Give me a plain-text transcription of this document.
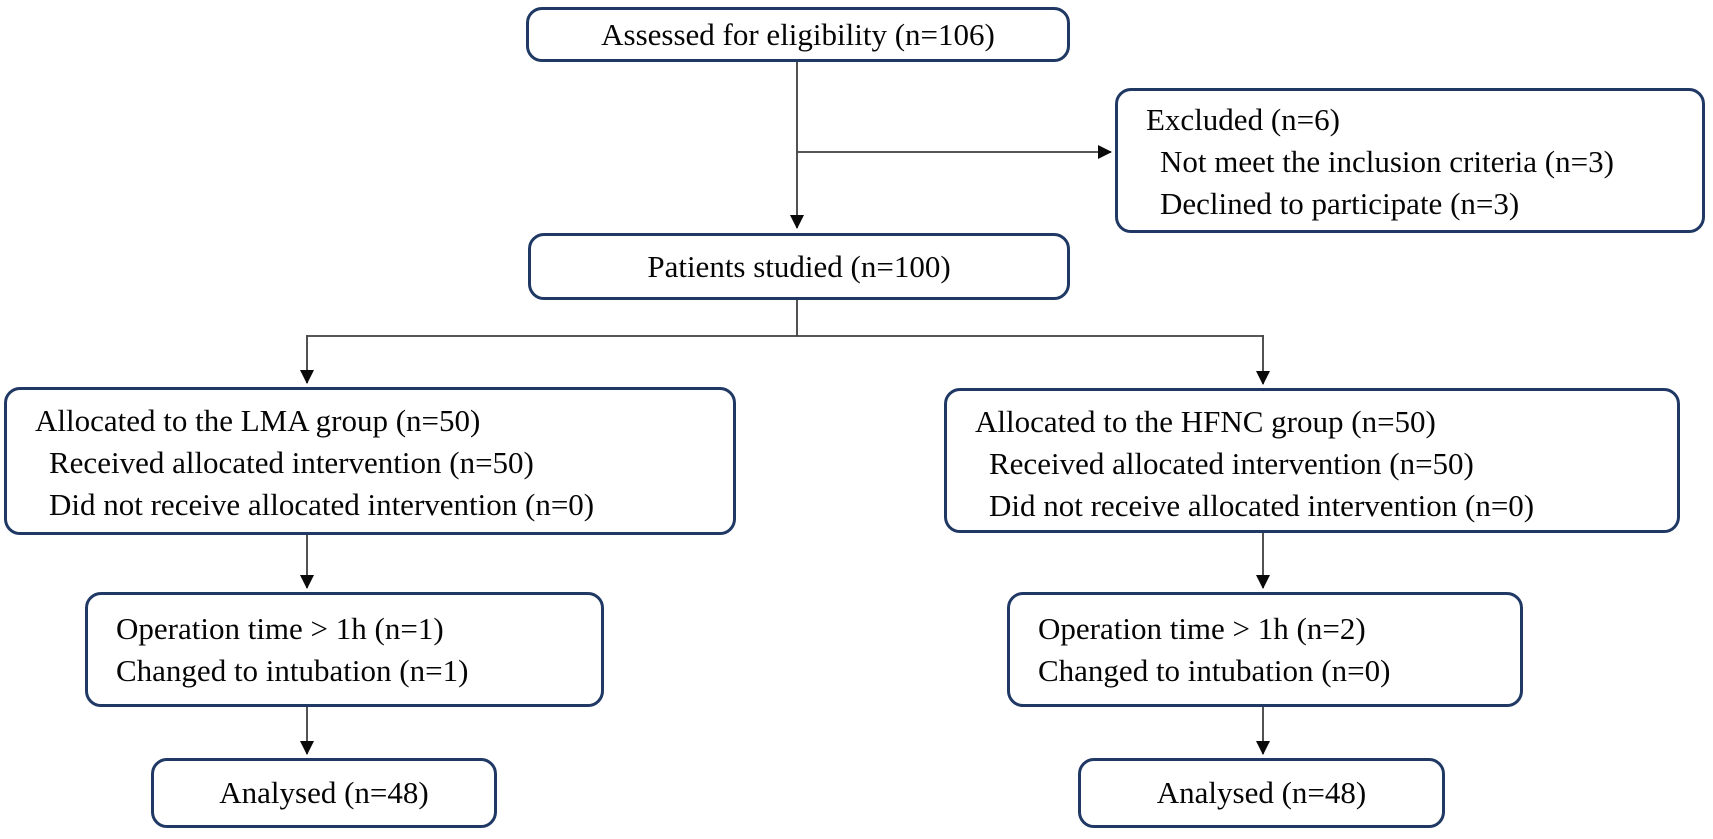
Assessed for eligibility (n=106)
Excluded (n=6)
Not meet the inclusion criteria (n=3)
Declined to participate (n=3)
Patients studied (n=100)
Allocated to the LMA group (n=50)
Received allocated intervention (n=50)
Did not receive allocated intervention (n=0)
Allocated to the HFNC group (n=50)
Received allocated intervention (n=50)
Did not receive allocated intervention (n=0)
Operation time > 1h (n=1)
Changed to intubation (n=1)
Operation time > 1h (n=2)
Changed to intubation (n=0)
Analysed (n=48)	Analysed (n=48)
